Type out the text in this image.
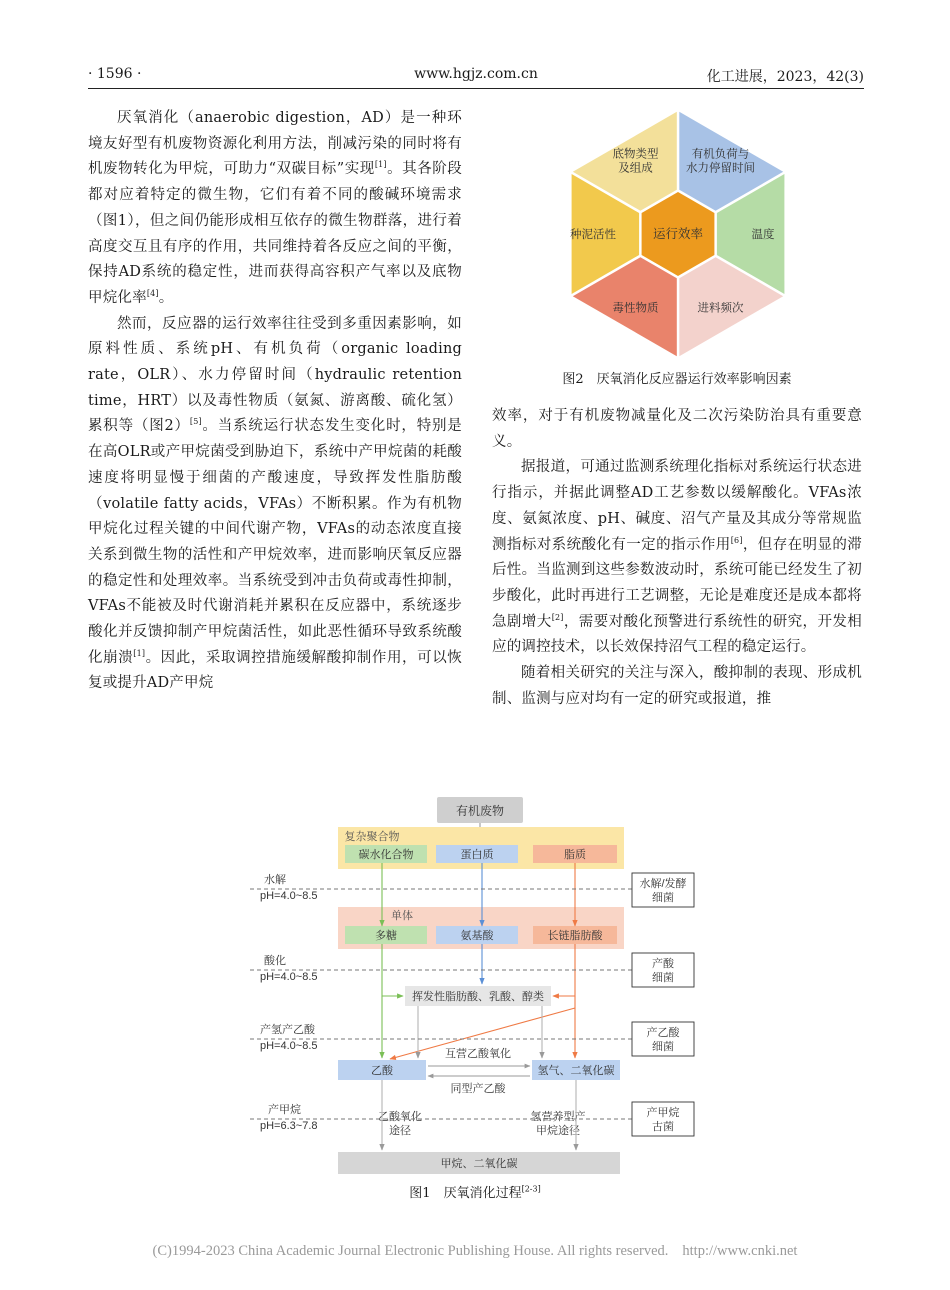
· 1596 ·	www.hgjz.com.cn	化工进展，2023，42(3)

厌氧消化（anaerobic digestion，AD）是一种环境友好型有机废物资源化利用方法，削减污染的同时将有机废物转化为甲烷，可助力“双碳目标”实现[1]。其各阶段都对应着特定的微生物，它们有着不同的酸碱环境需求（图1），但之间仍能形成相互依存的微生物群落，进行着高度交互且有序的作用，共同维持着各反应之间的平衡，保持AD系统的稳定性，进而获得高容积产气率以及底物甲烷化率[4]。

然而，反应器的运行效率往往受到多重因素影响，如原料性质、系统pH、有机负荷（organic loading rate，OLR）、水力停留时间（hydraulic retention time，HRT）以及毒性物质（氨氮、游离酸、硫化氢）累积等（图2）[5]。当系统运行状态发生变化时，特别是在高OLR或产甲烷菌受到胁迫下，系统中产甲烷菌的耗酸速度将明显慢于细菌的产酸速度，导致挥发性脂肪酸（volatile fatty acids，VFAs）不断积累。作为有机物甲烷化过程关键的中间代谢产物，VFAs的动态浓度直接关系到微生物的活性和产甲烷效率，进而影响厌氧反应器的稳定性和处理效率。当系统受到冲击负荷或毒性抑制，VFAs不能被及时代谢消耗并累积在反应器中，系统逐步酸化并反馈抑制产甲烷菌活性，如此恶性循环导致系统酸化崩溃[1]。因此，采取调控措施缓解酸抑制作用，可以恢复或提升AD产甲烷

运行效率
底物类型
及组成
有机负荷与
水力停留时间
温度
进料频次
毒性物质
种泥活性
图2　厌氧消化反应器运行效率影响因素

效率，对于有机废物减量化及二次污染防治具有重要意义。

据报道，可通过监测系统理化指标对系统运行状态进行指示，并据此调整AD工艺参数以缓解酸化。VFAs浓度、氨氮浓度、pH、碱度、沼气产量及其成分等常规监测指标对系统酸化有一定的指示作用[6]，但存在明显的滞后性。当监测到这些参数波动时，系统可能已经发生了初步酸化，此时再进行工艺调整，无论是难度还是成本都将急剧增大[2]，需要对酸化预警进行系统性的研究，开发相应的调控技术，以长效保持沼气工程的稳定运行。

随着相关研究的关注与深入，酸抑制的表现、形成机制、监测与应对均有一定的研究或报道，推

有机废物
复杂聚合物
碳水化合物	蛋白质	脂质
单体
多糖	氨基酸	长链脂肪酸
挥发性脂肪酸、乳酸、醇类
乙酸	氢气、二氧化碳
互营乙酸氧化
同型产乙酸
乙酸氧化
途径
氢营养型产
甲烷途径
甲烷、二氧化碳
水解
pH=4.0~8.5
酸化
pH=4.0~8.5
产氢产乙酸
pH=4.0~8.5
产甲烷
pH=6.3~7.8
水解/发酵
细菌
产酸
细菌
产乙酸
细菌
产甲烷
古菌
图1　厌氧消化过程[2-3]
(C)1994-2023 China Academic Journal Electronic Publishing House. All rights reserved. http://www.cnki.net
